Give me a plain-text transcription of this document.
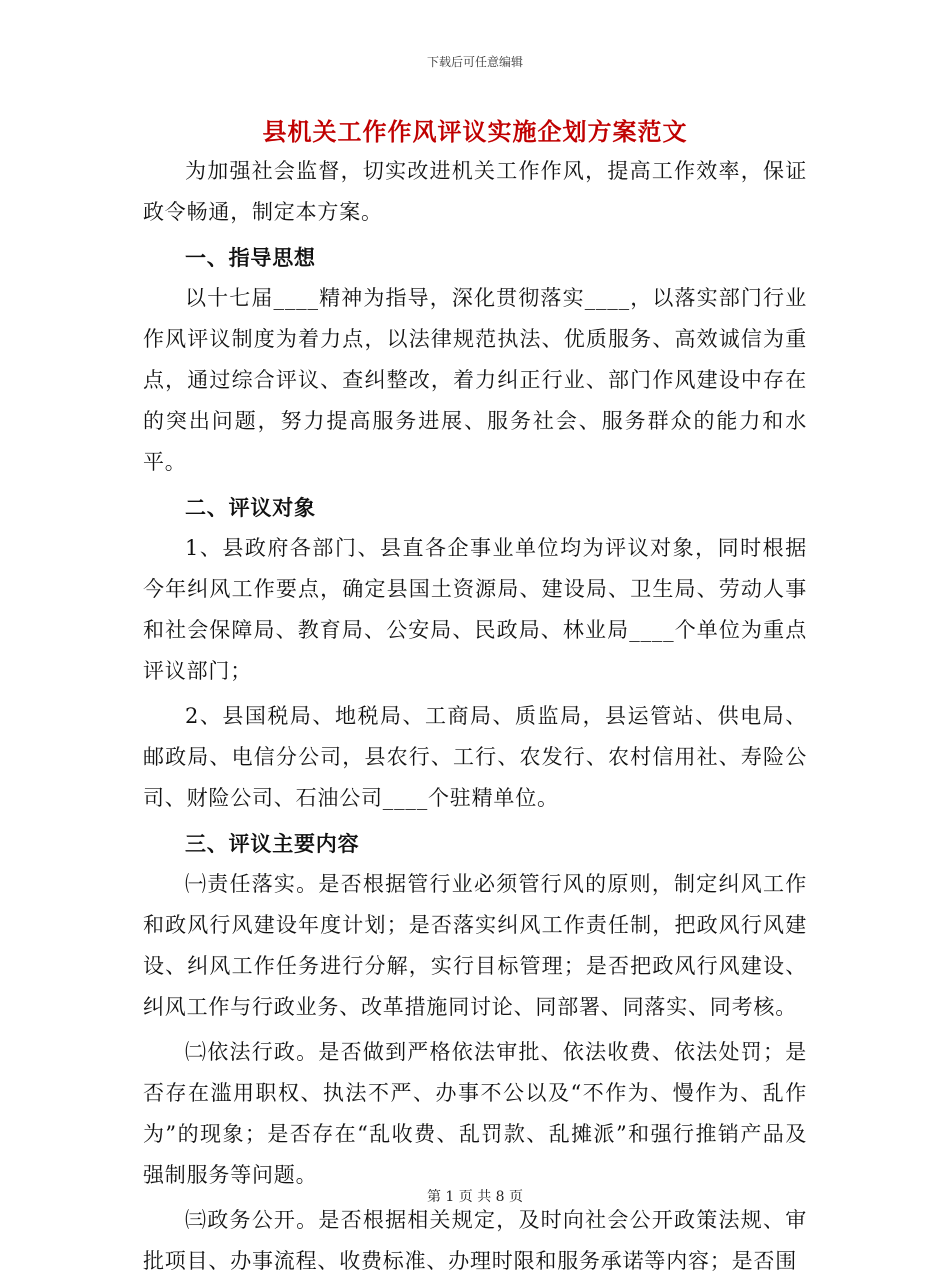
下载后可任意编辑
县机关工作作风评议实施企划方案范文

为加强社会监督，切实改进机关工作作风，提高工作效率，保证政令畅通，制定本方案。

一、指导思想

以十七届____精神为指导，深化贯彻落实____，以落实部门行业作风评议制度为着力点，以法律规范执法、优质服务、高效诚信为重点，通过综合评议、查纠整改，着力纠正行业、部门作风建设中存在的突出问题，努力提高服务进展、服务社会、服务群众的能力和水平。

二、评议对象

1、县政府各部门、县直各企事业单位均为评议对象，同时根据今年纠风工作要点，确定县国土资源局、建设局、卫生局、劳动人事和社会保障局、教育局、公安局、民政局、林业局____个单位为重点评议部门；

2、县国税局、地税局、工商局、质监局，县运管站、供电局、邮政局、电信分公司，县农行、工行、农发行、农村信用社、寿险公司、财险公司、石油公司____个驻精单位。

三、评议主要内容

㈠责任落实。是否根据管行业必须管行风的原则，制定纠风工作和政风行风建设年度计划；是否落实纠风工作责任制，把政风行风建设、纠风工作任务进行分解，实行目标管理；是否把政风行风建设、纠风工作与行政业务、改革措施同讨论、同部署、同落实、同考核。

㈡依法行政。是否做到严格依法审批、依法收费、依法处罚；是否存在滥用职权、执法不严、办事不公以及“不作为、慢作为、乱作为”的现象；是否存在“乱收费、乱罚款、乱摊派”和强行推销产品及强制服务等问题。

㈢政务公开。是否根据相关规定，及时向社会公开政策法规、审批项目、办事流程、收费标准、办理时限和服务承诺等内容；是否围

第 1 页 共 8 页
